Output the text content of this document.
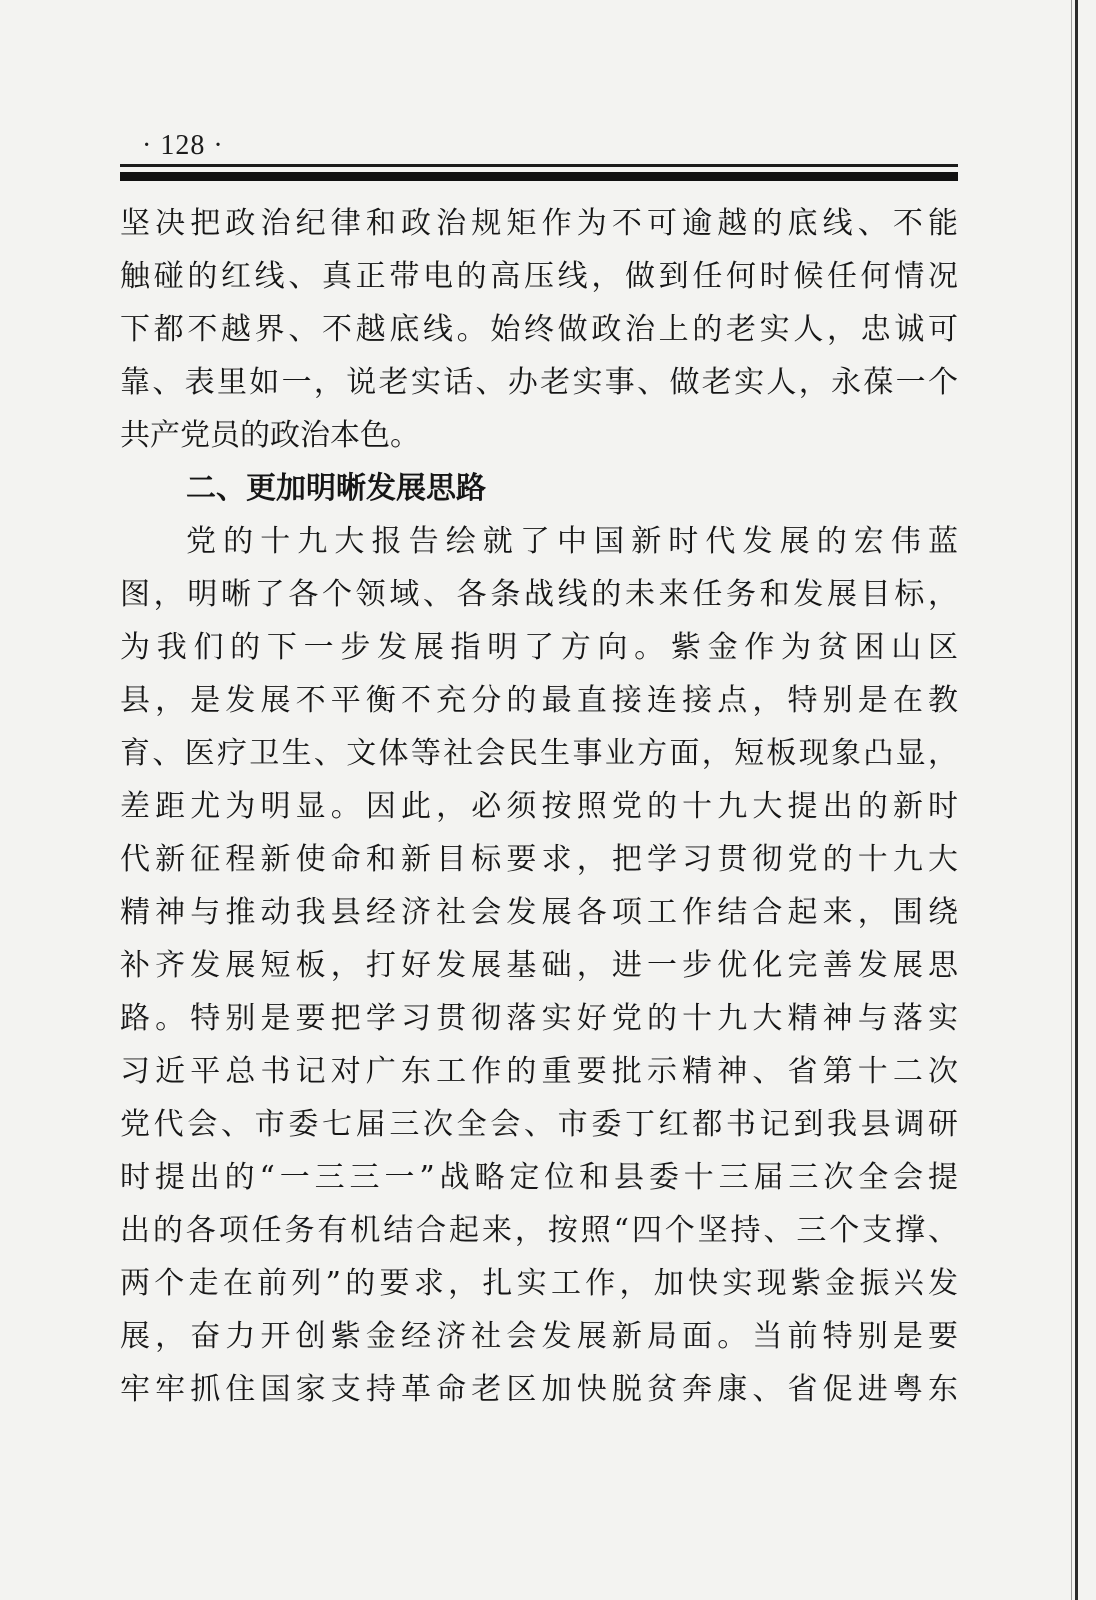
· 128 ·
坚决把政治纪律和政治规矩作为不可逾越的底线、不能
触碰的红线、真正带电的高压线，做到任何时候任何情况
下都不越界、不越底线。始终做政治上的老实人，忠诚可
靠、表里如一，说老实话、办老实事、做老实人，永葆一个
共产党员的政治本色。
二、更加明晰发展思路
党的十九大报告绘就了中国新时代发展的宏伟蓝
图，明晰了各个领域、各条战线的未来任务和发展目标，
为我们的下一步发展指明了方向。紫金作为贫困山区
县，是发展不平衡不充分的最直接连接点，特别是在教
育、医疗卫生、文体等社会民生事业方面，短板现象凸显，
差距尤为明显。因此，必须按照党的十九大提出的新时
代新征程新使命和新目标要求，把学习贯彻党的十九大
精神与推动我县经济社会发展各项工作结合起来，围绕
补齐发展短板，打好发展基础，进一步优化完善发展思
路。特别是要把学习贯彻落实好党的十九大精神与落实
习近平总书记对广东工作的重要批示精神、省第十二次
党代会、市委七届三次全会、市委丁红都书记到我县调研
时提出的“一三三一”战略定位和县委十三届三次全会提
出的各项任务有机结合起来，按照“四个坚持、三个支撑、
两个走在前列”的要求，扎实工作，加快实现紫金振兴发
展，奋力开创紫金经济社会发展新局面。当前特别是要
牢牢抓住国家支持革命老区加快脱贫奔康、省促进粤东
